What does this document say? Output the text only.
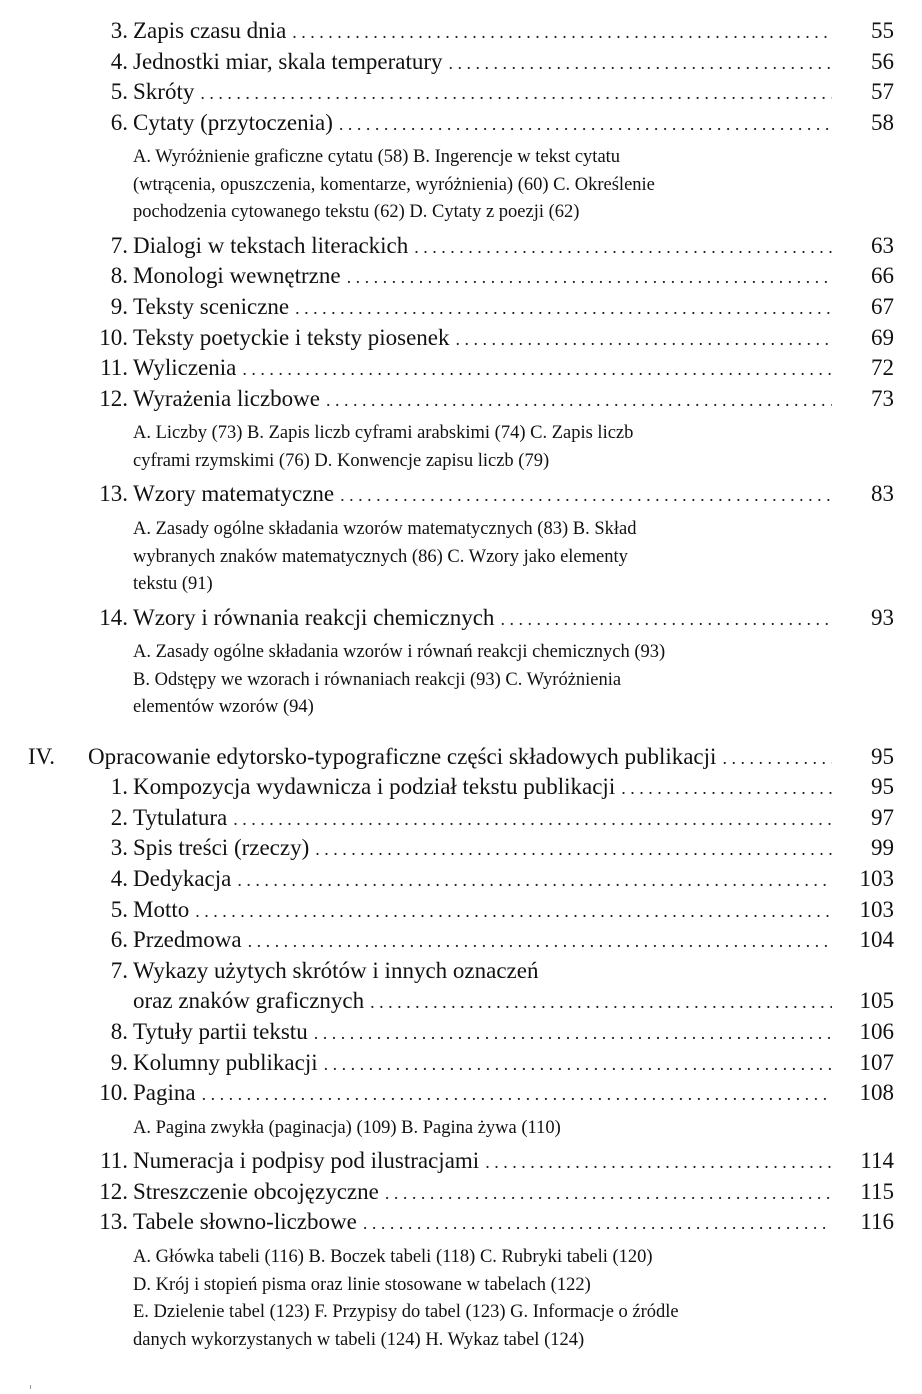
3. Zapis czasu dnia . . .	55
4. Jednostki miar, skala temperatury . . .	56
5. Skróty . . .	57
6. Cytaty (przytoczenia) . . .	58
A. Wyróżnienie graficzne cytatu (58) B. Ingerencje w tekst cytatu
(wtrącenia, opuszczenia, komentarze, wyróżnienia) (60) C. Określenie
pochodzenia cytowanego tekstu (62) D. Cytaty z poezji (62)
7. Dialogi w tekstach literackich . . .	63
8. Monologi wewnętrzne . . .	66
9. Teksty sceniczne . . .	67
10. Teksty poetyckie i teksty piosenek . . .	69
11. Wyliczenia . . .	72
12. Wyrażenia liczbowe . . .	73
A. Liczby (73) B. Zapis liczb cyframi arabskimi (74) C. Zapis liczb
cyframi rzymskimi (76) D. Konwencje zapisu liczb (79)
13. Wzory matematyczne . . .	83
A. Zasady ogólne składania wzorów matematycznych (83) B. Skład
wybranych znaków matematycznych (86) C. Wzory jako elementy
tekstu (91)
14. Wzory i równania reakcji chemicznych . . .	93
A. Zasady ogólne składania wzorów i równań reakcji chemicznych (93)
B. Odstępy we wzorach i równaniach reakcji (93) C. Wyróżnienia
elementów wzorów (94)
IV.	Opracowanie edytorsko-typograficzne części składowych publikacji . . .	95
1. Kompozycja wydawnicza i podział tekstu publikacji . . .	95
2. Tytulatura . . .	97
3. Spis treści (rzeczy) . . .	99
4. Dedykacja . . .	103
5. Motto . . .	103
6. Przedmowa . . .	104
7. Wykazy użytych skrótów i innych oznaczeń
oraz znaków graficznych . . .	105
8. Tytuły partii tekstu . . .	106
9. Kolumny publikacji . . .	107
10. Pagina . . .	108
A. Pagina zwykła (paginacja) (109) B. Pagina żywa (110)
11. Numeracja i podpisy pod ilustracjami . . .	114
12. Streszczenie obcojęzyczne . . .	115
13. Tabele słowno-liczbowe . . .	116
A. Główka tabeli (116) B. Boczek tabeli (118) C. Rubryki tabeli (120)
D. Krój i stopień pisma oraz linie stosowane w tabelach (122)
E. Dzielenie tabel (123) F. Przypisy do tabel (123) G. Informacje o źródle
danych wykorzystanych w tabeli (124) H. Wykaz tabel (124)
